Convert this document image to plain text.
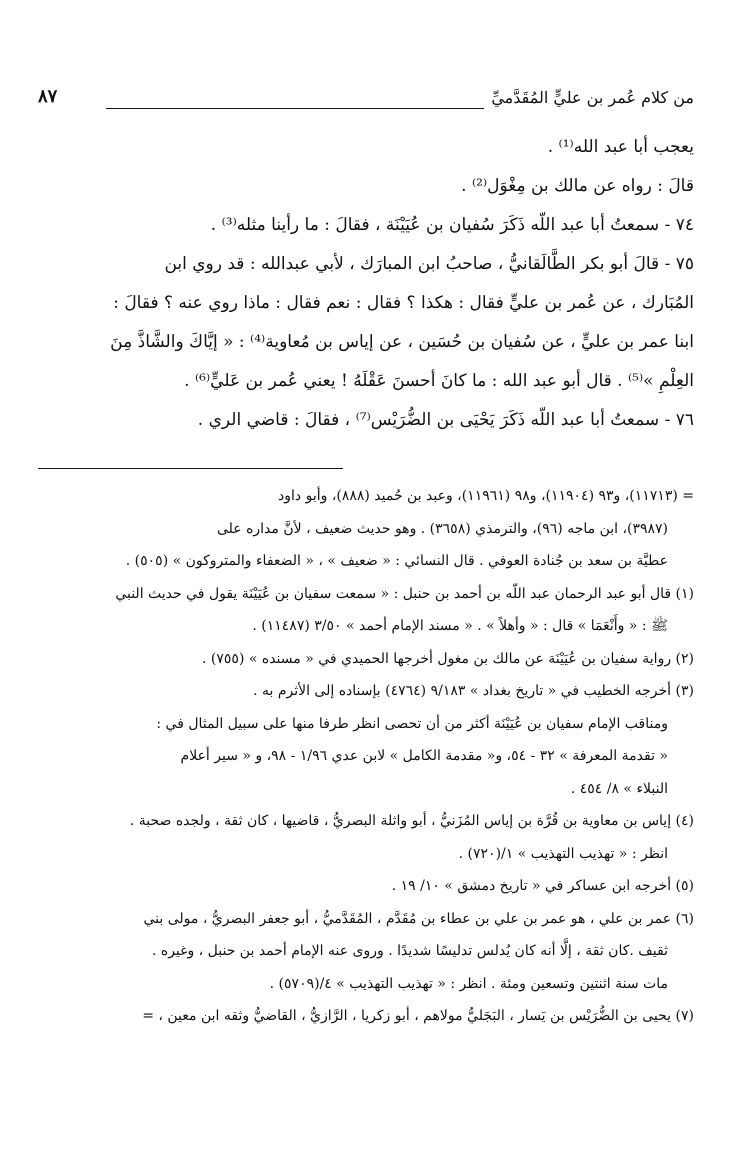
من كلام عُمر بن عليٍّ المُقَدَّميِّ
٨٧

يعجب أبا عبد الله⁽¹⁾ .

قالَ : رواه عن مالك بن مِغْوَل⁽²⁾ .

٧٤ - سمعتُ أبا عبد اللّه ذَكَرَ سُفيان بن عُيَيْنَة ، فقالَ : ما رأينا مثله⁽³⁾ .

٧٥ - قالَ أبو بكر الطَّالَقانيُّ ، صاحبُ ابن المبارَك ، لأبي عبدالله : قد روي ابن

المُبَارك ، عن عُمر بن عليٍّ فقال : هكذا ؟ فقال : نعم فقال : ماذا روي عنه ؟ فقالَ :

ابنا عمر بن عليٍّ ، عن سُفيان بن حُسَين ، عن إياس بن مُعاوية⁽⁴⁾ : « إيَّاكَ والشَّاذَّ مِنَ

العِلْمِ »⁽⁵⁾ . قال أبو عبد الله : ما كانَ أحسنَ عَقْلَهُ ! يعني عُمر بن عَليٍّ⁽⁶⁾ .

٧٦ - سمعتُ أبا عبد اللّه ذَكَرَ يَحْيَى بن الضُّرَيْس⁽⁷⁾ ، فقالَ : قاضي الري .

= (١١٧١٣)، و٩٣ (١١٩٠٤)، و٩٨ (١١٩٦١)، وعبد بن حُميد (٨٨٨)، وأبو داود

(٣٩٨٧)، ابن ماجه (٩٦)، والترمذي (٣٦٥٨) . وهو حديث ضعيف ، لأنَّ مداره على

عطيَّة بن سعد بن جُنادة العوفي . قال النسائي : « ضعيف » ، « الضعفاء والمتروكون » (٥٠٥) .

(١) قال أبو عبد الرحمان عبد اللّه بن أحمد بن حنبل : « سمعت سفيان بن عُيَيْنَة يقول في حديث النبي

ﷺ : « وأَنْعَمَا » قال : « وأهلاً » . « مسند الإمام أحمد » ٣/٥٠ (١١٤٨٧) .

(٢) رواية سفيان بن عُيَيْنَة عن مالك بن مغول أخرجها الحميدي في « مسنده » (٧٥٥) .

(٣) أخرجه الخطيب في « تاريخ بغداد » ٩/١٨٣ (٤٧٦٤) بإسناده إلى الأثرم به .

ومناقب الإمام سفيان بن عُيَيْنَة أكثر من أن تحصى انظر طرفا منها على سبيل المثال في :

« تقدمة المعرفة » ٣٢ - ٥٤، و« مقدمة الكامل » لابن عدي ١/٩٦ - ٩٨، و « سير أعلام

النبلاء » ٨/ ٤٥٤ .

(٤) إياس بن معاوية بن قُرَّة بن إياس المُزَنيُّ ، أبو واثلة البصريُّ ، قاضيها ، كان ثقة ، ولجده صحبة .

انظر : « تهذيب التهذيب » ١/(٧٢٠) .

(٥) أخرجه ابن عساكر في « تاريخ دمشق » ١٠/ ١٩ .

(٦) عمر بن علي ، هو عمر بن علي بن عطاء بن مُقَدَّم ، المُقَدَّميُّ ، أبو جعفر البصريُّ ، مولى بني

ثقيف .كان ثقة ، إلَّا أنه كان يُدلس تدليسًا شديدًا . وروى عنه الإمام أحمد بن حنبل ، وغيره .

مات سنة اثنتين وتسعين ومئة . انظر : « تهذيب التهذيب » ٤/(٥٧٠٩) .

(٧) يحيى بن الضُّرَيْس بن يَسار ، البَجَليُّ مولاهم ، أبو زكريا ، الرَّازيُّ ، القاضيُّ وثقه ابن معين ، =
